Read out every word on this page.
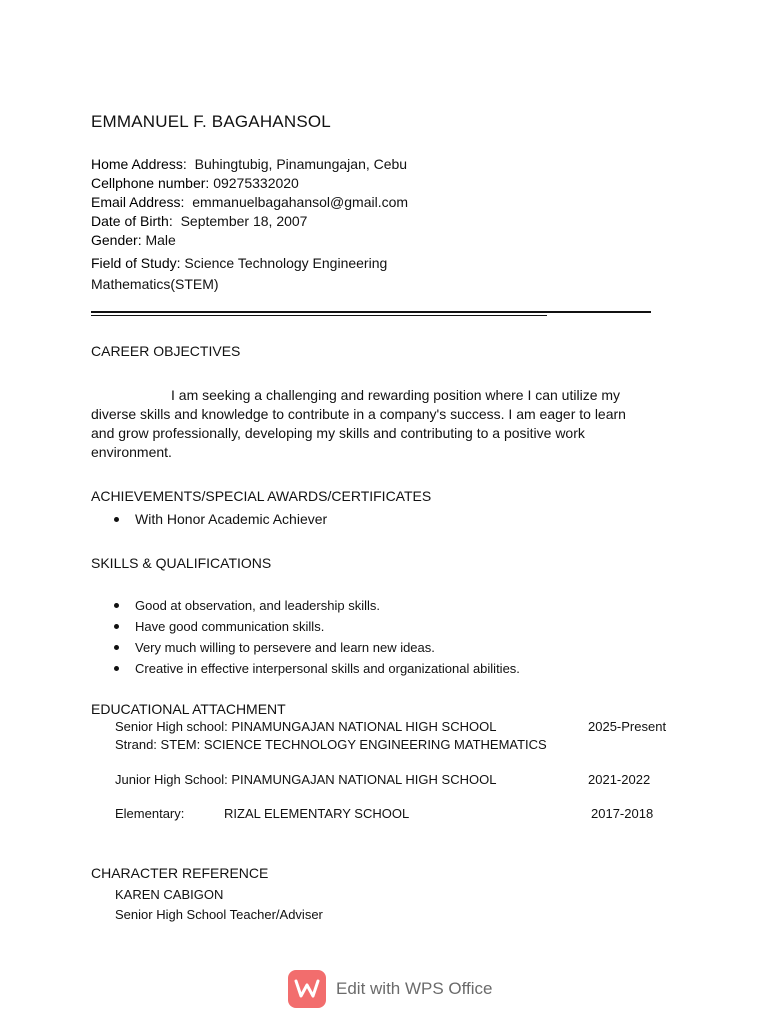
EMMANUEL F. BAGAHANSOL
Home Address: Buhingtubig, Pinamungajan, Cebu
Cellphone number: 09275332020
Email Address: emmanuelbagahansol@gmail.com
Date of Birth: September 18, 2007
Gender: Male
Field of Study: Science Technology Engineering
Mathematics(STEM)
CAREER OBJECTIVES
I am seeking a challenging and rewarding position where I can utilize my
diverse skills and knowledge to contribute in a company's success. I am eager to learn
and grow professionally, developing my skills and contributing to a positive work
environment.
ACHIEVEMENTS/SPECIAL AWARDS/CERTIFICATES
With Honor Academic Achiever
SKILLS & QUALIFICATIONS
Good at observation, and leadership skills.
Have good communication skills.
Very much willing to persevere and learn new ideas.
Creative in effective interpersonal skills and organizational abilities.
EDUCATIONAL ATTACHMENT
Senior High school: PINAMUNGAJAN NATIONAL HIGH SCHOOL	2025-Present
Strand: STEM: SCIENCE TECHNOLOGY ENGINEERING MATHEMATICS
Junior High School: PINAMUNGAJAN NATIONAL HIGH SCHOOL	2021-2022
Elementary:	RIZAL ELEMENTARY SCHOOL	2017-2018
CHARACTER REFERENCE
KAREN CABIGON
Senior High School Teacher/Adviser
Edit with WPS Office
